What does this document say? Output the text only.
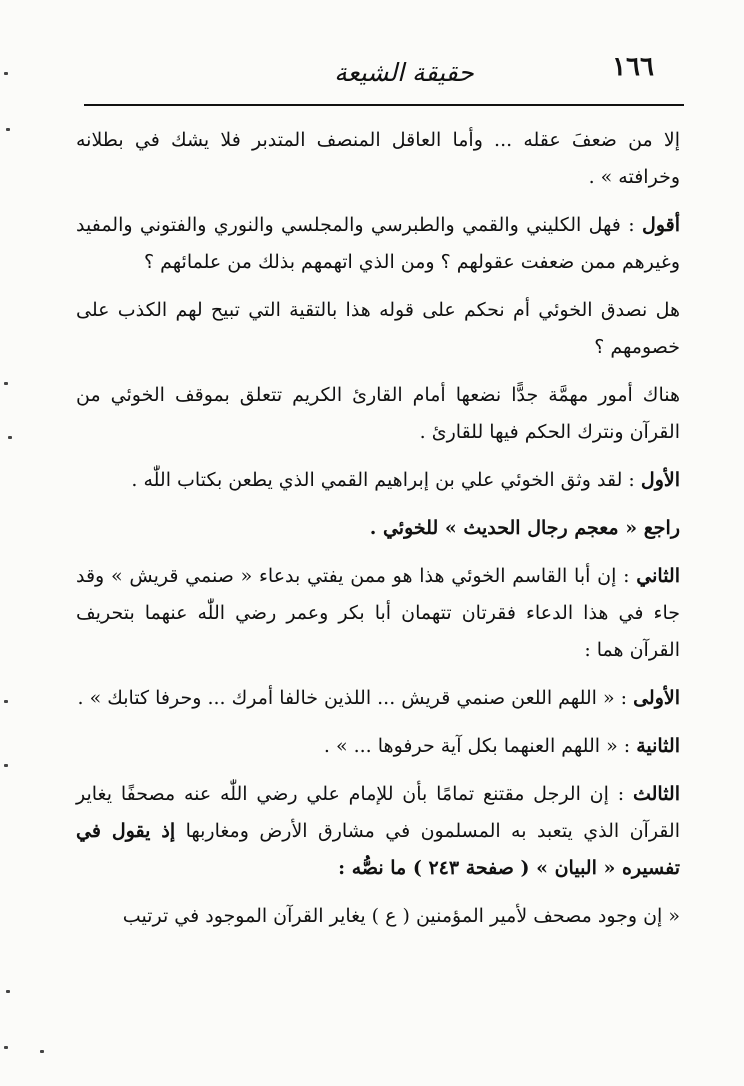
١٦٦
حقيقة الشيعة

إلا من ضعفَ عقله ... وأما العاقل المنصف المتدبر فلا يشك في بطلانه وخرافته » .

أقول : فهل الكليني والقمي والطبرسي والمجلسي والنوري والفتوني والمفيد وغيرهم ممن ضعفت عقولهم ؟ ومن الذي اتهمهم بذلك من علمائهم ؟

هل نصدق الخوئي أم نحكم على قوله هذا بالتقية التي تبيح لهم الكذب على خصومهم ؟

هناك أمور مهمَّة جدًّا نضعها أمام القارئ الكريم تتعلق بموقف الخوئي من القرآن ونترك الحكم فيها للقارئ .

الأول : لقد وثق الخوئي علي بن إبراهيم القمي الذي يطعن بكتاب اللّٰه .

راجع « معجم رجال الحديث » للخوئي .

الثاني : إن أبا القاسم الخوئي هذا هو ممن يفتي بدعاء « صنمي قريش » وقد جاء في هذا الدعاء فقرتان تتهمان أبا بكر وعمر رضي اللّٰه عنهما بتحريف القرآن هما :

الأولى : « اللهم اللعن صنمي قريش ... اللذين خالفا أمرك ... وحرفا كتابك » .

الثانية : « اللهم العنهما بكل آية حرفوها ... » .

الثالث : إن الرجل مقتنع تمامًا بأن للإمام علي رضي اللّٰه عنه مصحفًا يغاير القرآن الذي يتعبد به المسلمون في مشارق الأرض ومغاربها إذ يقول في تفسيره « البيان » ( صفحة ٢٤٣ ) ما نصُّه :

« إن وجود مصحف لأمير المؤمنين ( ع ) يغاير القرآن الموجود في ترتيب
